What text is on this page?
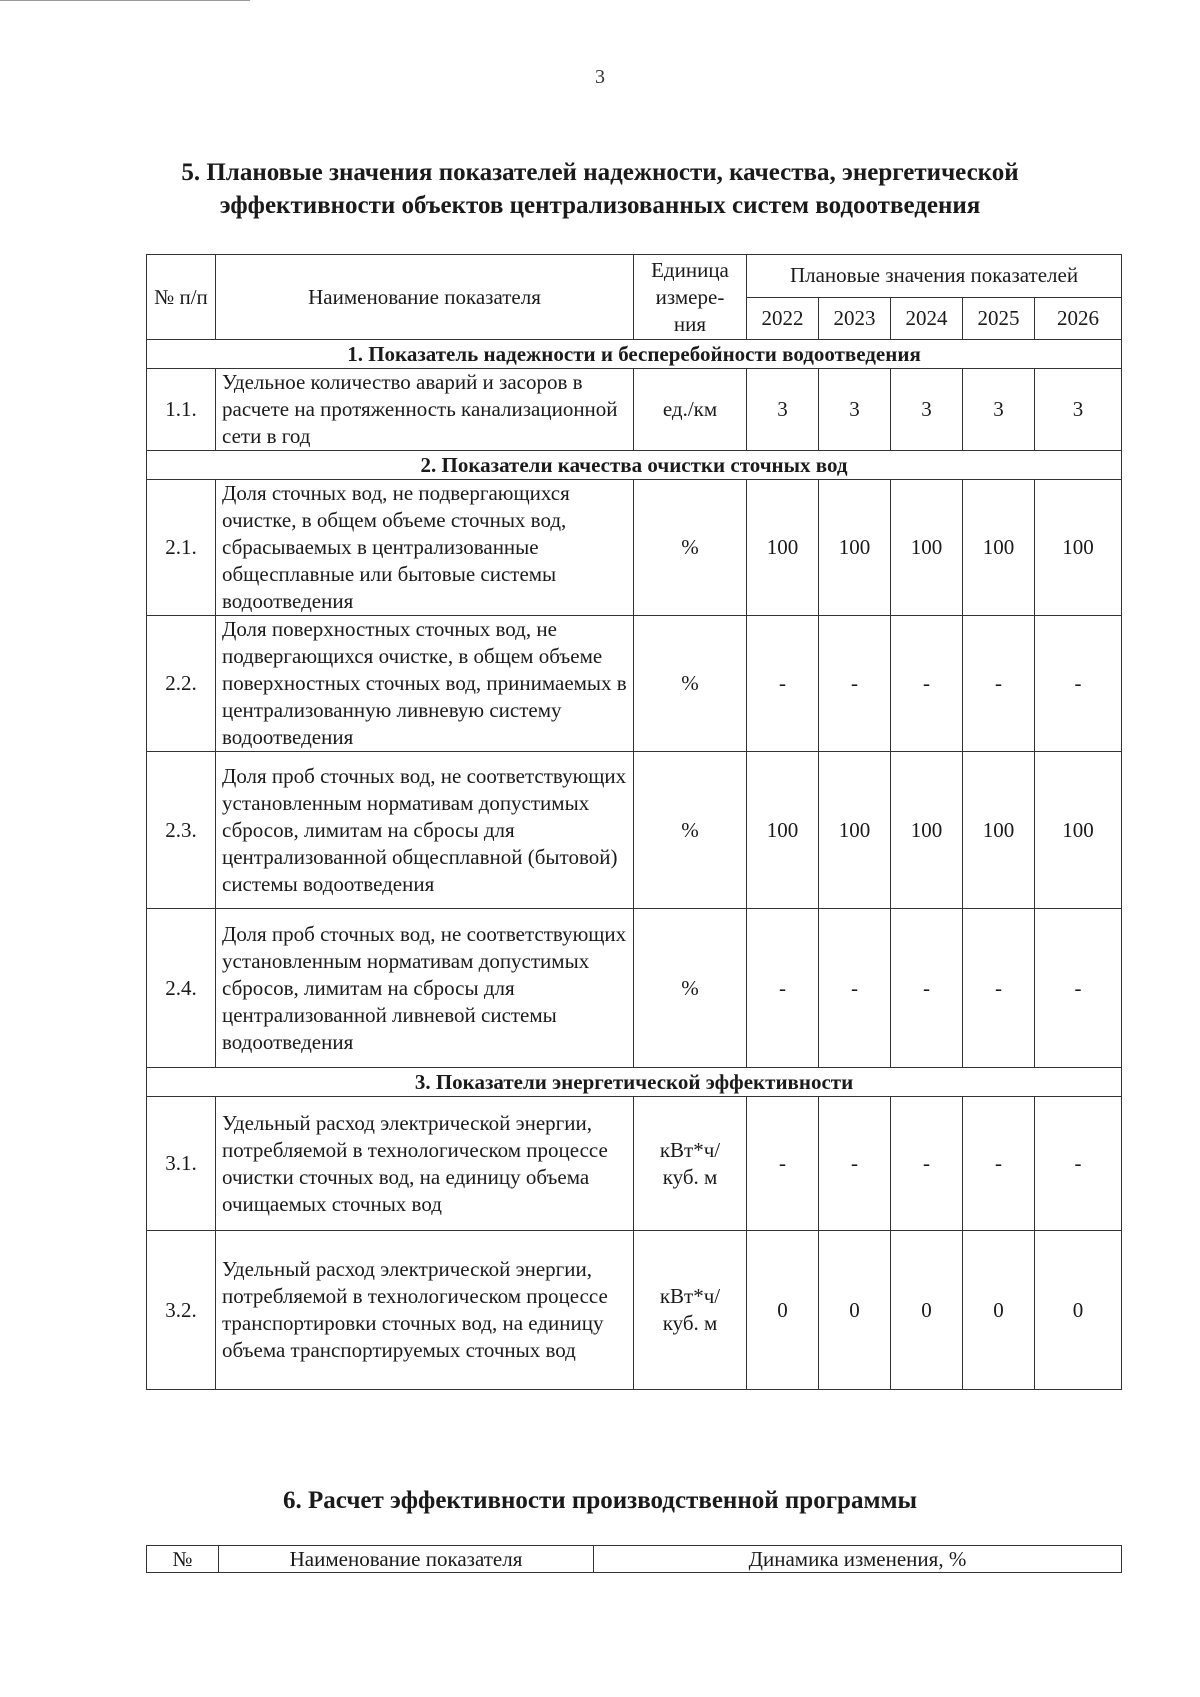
3
5. Плановые значения показателей надежности, качества, энергетической
эффективности объектов централизованных систем водоотведения
№ п/п	Наименование показателя	Единица измере-ния	Плановые значения показателей				
			2022	2023	2024	2025	2026
1. Показатель надежности и бесперебойности водоотведения							
1.1.	Удельное количество аварий и засоров в расчете на протяженность канализационной сети в год	ед./км	3	3	3	3	3
2. Показатели качества очистки сточных вод							
2.1.	Доля сточных вод, не подвергающихся очистке, в общем объеме сточных вод, сбрасываемых в централизованные общесплавные или бытовые системы водоотведения	%	100	100	100	100	100
2.2.	Доля поверхностных сточных вод, не подвергающихся очистке, в общем объеме поверхностных сточных вод, принимаемых в централизованную ливневую систему водоотведения	%	-	-	-	-	-
2.3.	Доля проб сточных вод, не соответствующих установленным нормативам допустимых сбросов, лимитам на сбросы для централизованной общесплавной (бытовой) системы водоотведения	%	100	100	100	100	100
2.4.	Доля проб сточных вод, не соответствующих установленным нормативам допустимых сбросов, лимитам на сбросы для централизованной ливневой системы водоотведения	%	-	-	-	-	-
3. Показатели энергетической эффективности							
3.1.	Удельный расход электрической энергии, потребляемой в технологическом процессе очистки сточных вод, на единицу объема очищаемых сточных вод	кВт*ч/ куб. м	-	-	-	-	-
3.2.	Удельный расход электрической энергии, потребляемой в технологическом процессе транспортировки сточных вод, на единицу объема транспортируемых сточных вод	кВт*ч/ куб. м	0	0	0	0	0
6. Расчет эффективности производственной программы
№	Наименование показателя	Динамика изменения, %
